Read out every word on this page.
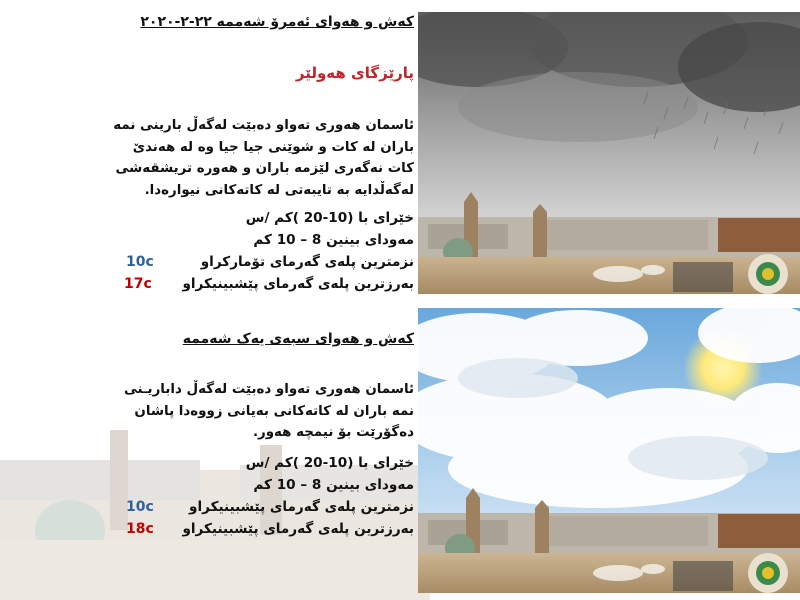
کەش و هەوای ئەمرۆ شەممە ٢٢-٢-٢٠٢٠
پارێزگای هەولێر
ئاسمان هەوری تەواو دەبێت لەگەڵ بارینی نمە باران لە کات و شوێنی جیا جیا وە لە هەندێ کات نەگەری لێزمە باران و هەورە تریشقەشی لەگەڵدایە بە تایبەتی لە کاتەکانی نیوارەدا.
خێرای با (10-20 )کم /س
مەودای بینین 8 – 10 کم
نزمترین پلەی گەرمای تۆمارکراو
10c
بەرزترین پلەی گەرمای پێشبینیکراو
17c
کەش و هەوای سبەی یەک شەممە
ئاسمان هەوری تەواو دەبێت لەگەڵ داباریـنی نمە باران لە کاتەکانی بەیانی زووەدا پاشان دەگۆرێت بۆ نیمچە هەور.
خێرای با (10-20 )کم /س
مەودای بینین 8 – 10 کم
نزمترین پلەی گەرمای پێشبینیکراو
10c
بەرزترین پلەی گەرمای پێشبینیکراو
18c
